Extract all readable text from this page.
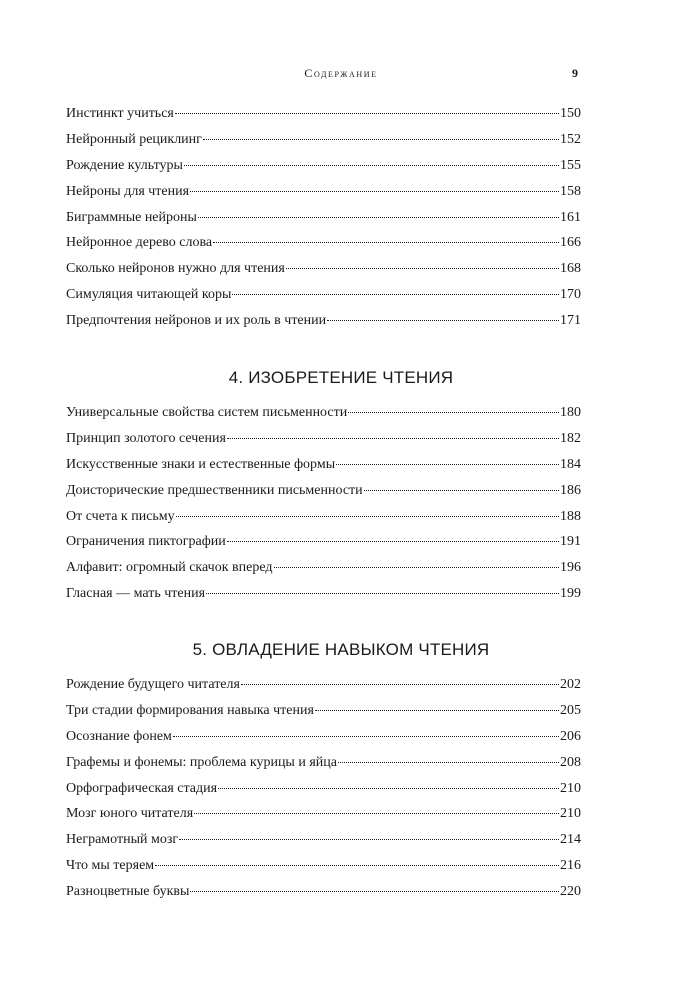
Содержание	9
Инстинкт учиться	150
Нейронный рециклинг	152
Рождение культуры	155
Нейроны для чтения	158
Биграммные нейроны	161
Нейронное дерево слова	166
Сколько нейронов нужно для чтения	168
Симуляция читающей коры	170
Предпочтения нейронов и их роль в чтении	171
4. ИЗОБРЕТЕНИЕ ЧТЕНИЯ
Универсальные свойства систем письменности	180
Принцип золотого сечения	182
Искусственные знаки и естественные формы	184
Доисторические предшественники письменности	186
От счета к письму	188
Ограничения пиктографии	191
Алфавит: огромный скачок вперед	196
Гласная — мать чтения	199
5. ОВЛАДЕНИЕ НАВЫКОМ ЧТЕНИЯ
Рождение будущего читателя	202
Три стадии формирования навыка чтения	205
Осознание фонем	206
Графемы и фонемы: проблема курицы и яйца	208
Орфографическая стадия	210
Мозг юного читателя	210
Неграмотный мозг	214
Что мы теряем	216
Разноцветные буквы	220
